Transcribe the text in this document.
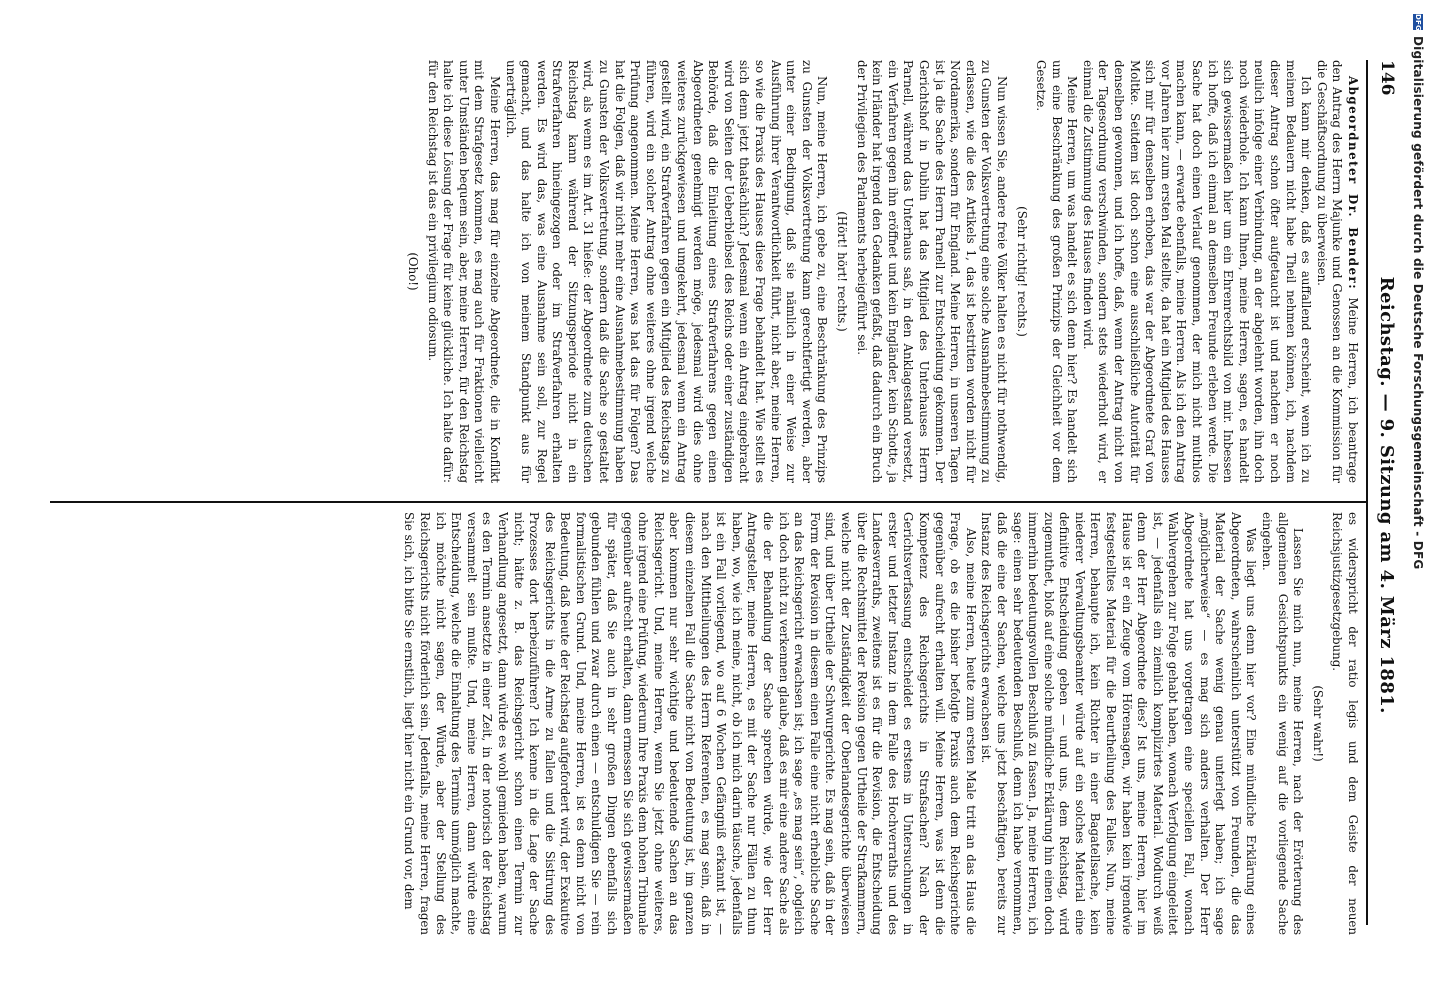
DFG
Digitalisierung gefördert durch die Deutsche Forschungsgemeinschaft - DFG
146
Reichstag. — 9. Sitzung am 4. März 1881.

Abgeordneter Dr. Bender: Meine Herren, ich beantrage den Antrag des Herrn Majunke und Genossen an die Kommission für die Geschäftsordnung zu überweisen.

Ich kann mir denken, daß es auffallend erscheint, wenn ich zu meinem Bedauern nicht habe Theil nehmen können, ich, nachdem dieser Antrag schon öfter aufgetaucht ist und nachdem er noch neulich infolge einer Verbindung, an der abgelehnt worden, ihn doch noch wiederhole. Ich kann Ihnen, meine Herren, sagen, es handelt sich gewissermaßen hier um ein Ehrenrechtsbild von mir. Inbessen ich hoffe, daß ich einmal an demselben Freunde erleben werde. Die Sache hat doch einen Verlauf genommen, der mich nicht muthlos machen kann, — erwarte ebenfalls, meine Herren. Als ich den Antrag vor Jahren hier zum ersten Mal stellte, da hat ein Mitglied des Hauses sich mir für denselben erhoben, das war der Abgeordnete Graf von Moltke. Seitdem ist doch schon eine ausschließliche Autorität für denselben gewonnen, und ich hoffe, daß, wenn der Antrag nicht von der Tagesordnung verschwinden, sondern stets wiederholt wird, er einmal die Zustimmung des Hauses finden wird.

Meine Herren, um was handelt es sich denn hier? Es handelt sich um eine Beschränkung des großen Prinzips der Gleichheit vor dem Gesetze.

(Sehr richtig! rechts.)

Nun wissen Sie, andere freie Völker halten es nicht für nothwendig, zu Gunsten der Volksvertretung eine solche Ausnahmebestimmung zu erlassen, wie die des Artikels 1, das ist bestritten worden nicht für Nordamerika, sondern für England. Meine Herren, in unseren Tagen ist ja die Sache des Herrn Parnell zur Entscheidung gekommen. Der Gerichtshof in Dublin hat das Mitglied des Unterhauses Herrn Parnell, während das Unterhaus saß, in den Anklagestand versetzt, ein Verfahren gegen ihn eröffnet und kein Engländer, kein Schotte, ja kein Irländer hat irgend den Gedanken gefaßt, daß dadurch ein Bruch der Privilegien des Parlaments herbeigeführt sei.

(Hört! hört! rechts.)

Nun, meine Herren, ich gebe zu, eine Beschränkung des Prinzips zu Gunsten der Volksvertretung kann gerechtfertigt werden, aber unter einer Bedingung, daß sie nämlich in einer Weise zur Ausführung ihrer Verantwortlichkeit führt, nicht aber, meine Herren, so wie die Praxis des Hauses diese Frage behandelt hat. Wie stellt es sich denn jetzt thatsächlich? Jedesmal wenn ein Antrag eingebracht wird von Seiten der Ueberbleibsel des Reichs oder einer zuständigen Behörde, daß die Einleitung eines Strafverfahrens gegen einen Abgeordneten genehmigt werden möge, jedesmal wird dies ohne weiteres zurückgewiesen und umgekehrt, jedesmal wenn ein Antrag gestellt wird, ein Strafverfahren gegen ein Mitglied des Reichstags zu führen, wird ein solcher Antrag ohne weiteres ohne irgend welche Prüfung angenommen. Meine Herren, was hat das für Folgen? Das hat die Folgen, daß wir nicht mehr eine Ausnahmebestimmung haben zu Gunsten der Volksvertretung, sondern daß die Sache so gestaltet wird, als wenn es im Art. 31 hieße: der Abgeordnete zum deutschen Reichstag kann während der Sitzungsperiode nicht in ein Strafverfahren hineingezogen oder im Strafverfahren erhalten werden. Es wird das, was eine Ausnahme sein soll, zur Regel gemacht, und das halte ich von meinem Standpunkt aus für unerträglich.

Meine Herren, das mag für einzelne Abgeordnete, die in Konflikt mit dem Strafgesetz kommen, es mag auch für Fraktionen vielleicht unter Umständen bequem sein, aber, meine Herren, für den Reichstag halte ich diese Lösung der Frage für keine glückliche. Ich halte dafür: für den Reichstag ist das ein privilegium odiosum.

(Oho!)

es widerspricht der ratio legis und dem Geiste der neuen Reichsjustizgesetzgebung.

(Sehr wahr!)

Lassen Sie mich nun, meine Herren, nach der Erörterung des allgemeinen Gesichtspunkts ein wenig auf die vorliegende Sache eingehen.

Was liegt uns denn hier vor? Eine mündliche Erklärung eines Abgeordneten, wahrscheinlich unterstützt von Freunden, die das Material der Sache wenig genau unterlegt haben; ich sage „möglicherweise“ — es mag sich anders verhalten. Der Herr Abgeordnete hat uns vorgetragen eine speciellen Fall, wonach Wahlvergehen zur Folge gehabt haben, wonach Verfolgung eingeleitet ist, — jedenfalls ein ziemlich komplizirtes Material. Wodurch weiß denn der Herr Abgeordnete dies? Ist uns, meine Herren, hier im Hause ist er ein Zeuge vom Hörensagen, wir haben kein irgendwie festgestelltes Material für die Beurtheilung des Falles. Nun, meine Herren, behaupte ich, kein Richter in einer Bagatellsache, kein niederer Verwaltungsbeamter würde auf ein solches Material eine definitive Entscheidung geben — und uns, dem Reichstag, wird zugemuthet, bloß auf eine solche mündliche Erklärung hin einen doch immerhin bedeutungsvollen Beschluß zu fassen. Ja, meine Herren, ich sage: einen sehr bedeutenden Beschluß, denn ich habe vernommen, daß die eine der Sachen, welche uns jetzt beschäftigen, bereits zur Instanz des Reichsgerichts erwachsen ist.

Also, meine Herren, heute zum ersten Male tritt an das Haus die Frage, ob es die bisher befolgte Praxis auch dem Reichsgerichte gegenüber aufrecht erhalten will. Meine Herren, was ist denn die Kompetenz des Reichsgerichts in Strafsachen? Nach der Gerichtsverfassung entscheidet es erstens in Untersuchungen in erster und letzter Instanz in dem Falle des Hochverraths und des Landesverraths, zweitens ist es für die Revision, die Entscheidung über die Rechtsmittel der Revision gegen Urtheile der Strafkammern, welche nicht der Zuständigkeit der Oberlandesgerichte überwiesen sind, und über Urtheile der Schwurgerichte. Es mag sein, daß in der Form der Revision in diesem einen Falle eine nicht erhebliche Sache an das Reichsgericht erwachsen ist; ich sage „es mag sein“, obgleich ich doch nicht zu verkennen glaube, daß es mir eine andere Sache als die der Behandlung der Sache sprechen würde, wie der Herr Antragsteller, meine Herren, es mit der Sache nur Fällen zu thun haben, wo, wie ich meine, nicht, ob ich mich darin täusche, jedenfalls ist ein Fall vorliegend, wo auf 6 Wochen Gefängniß erkannt ist, — nach den Mittheilungen des Herrn Referenten, es mag sein, daß in diesem einzelnen Fall die Sache nicht von Bedeutung ist, im ganzen aber kommen nur sehr wichtige und bedeutende Sachen an das Reichsgericht. Und, meine Herren, wenn Sie jetzt ohne weiteres, ohne irgend eine Prüfung, wiederum Ihre Praxis dem hohen Tribunale gegenüber aufrecht erhalten, dann ermessen Sie sich gewissermaßen für später, daß Sie auch in sehr großen Dingen ebenfalls sich gebunden fühlen und zwar durch einen — entschuldigen Sie — rein formalistischen Grund. Und, meine Herren, ist es denn nicht von Bedeutung, daß heute der Reichstag aufgefordert wird, der Exekutive des Reichsgerichts in die Arme zu fallen und die Sistirung des Prozesses dort herbeizuführen? Ich kenne in die Lage der Sache nicht; hätte z. B. das Reichsgericht schon einen Termin zur Verhandlung angesetzt, dann würde es wohl gemieden haben, warum es den Termin ansetzte in einer Zeit, in der notorisch der Reichstag versammelt sein mußte. Und, meine Herren, dann würde eine Entscheidung, welche die Einhaltung des Termins unmöglich machte, ich möchte nicht sagen, der Würde, aber der Stellung des Reichsgerichts nicht förderlich sein. Jedenfalls, meine Herren, fragen Sie sich, ich bitte Sie ernstlich, liegt hier nicht ein Grund vor, dem
